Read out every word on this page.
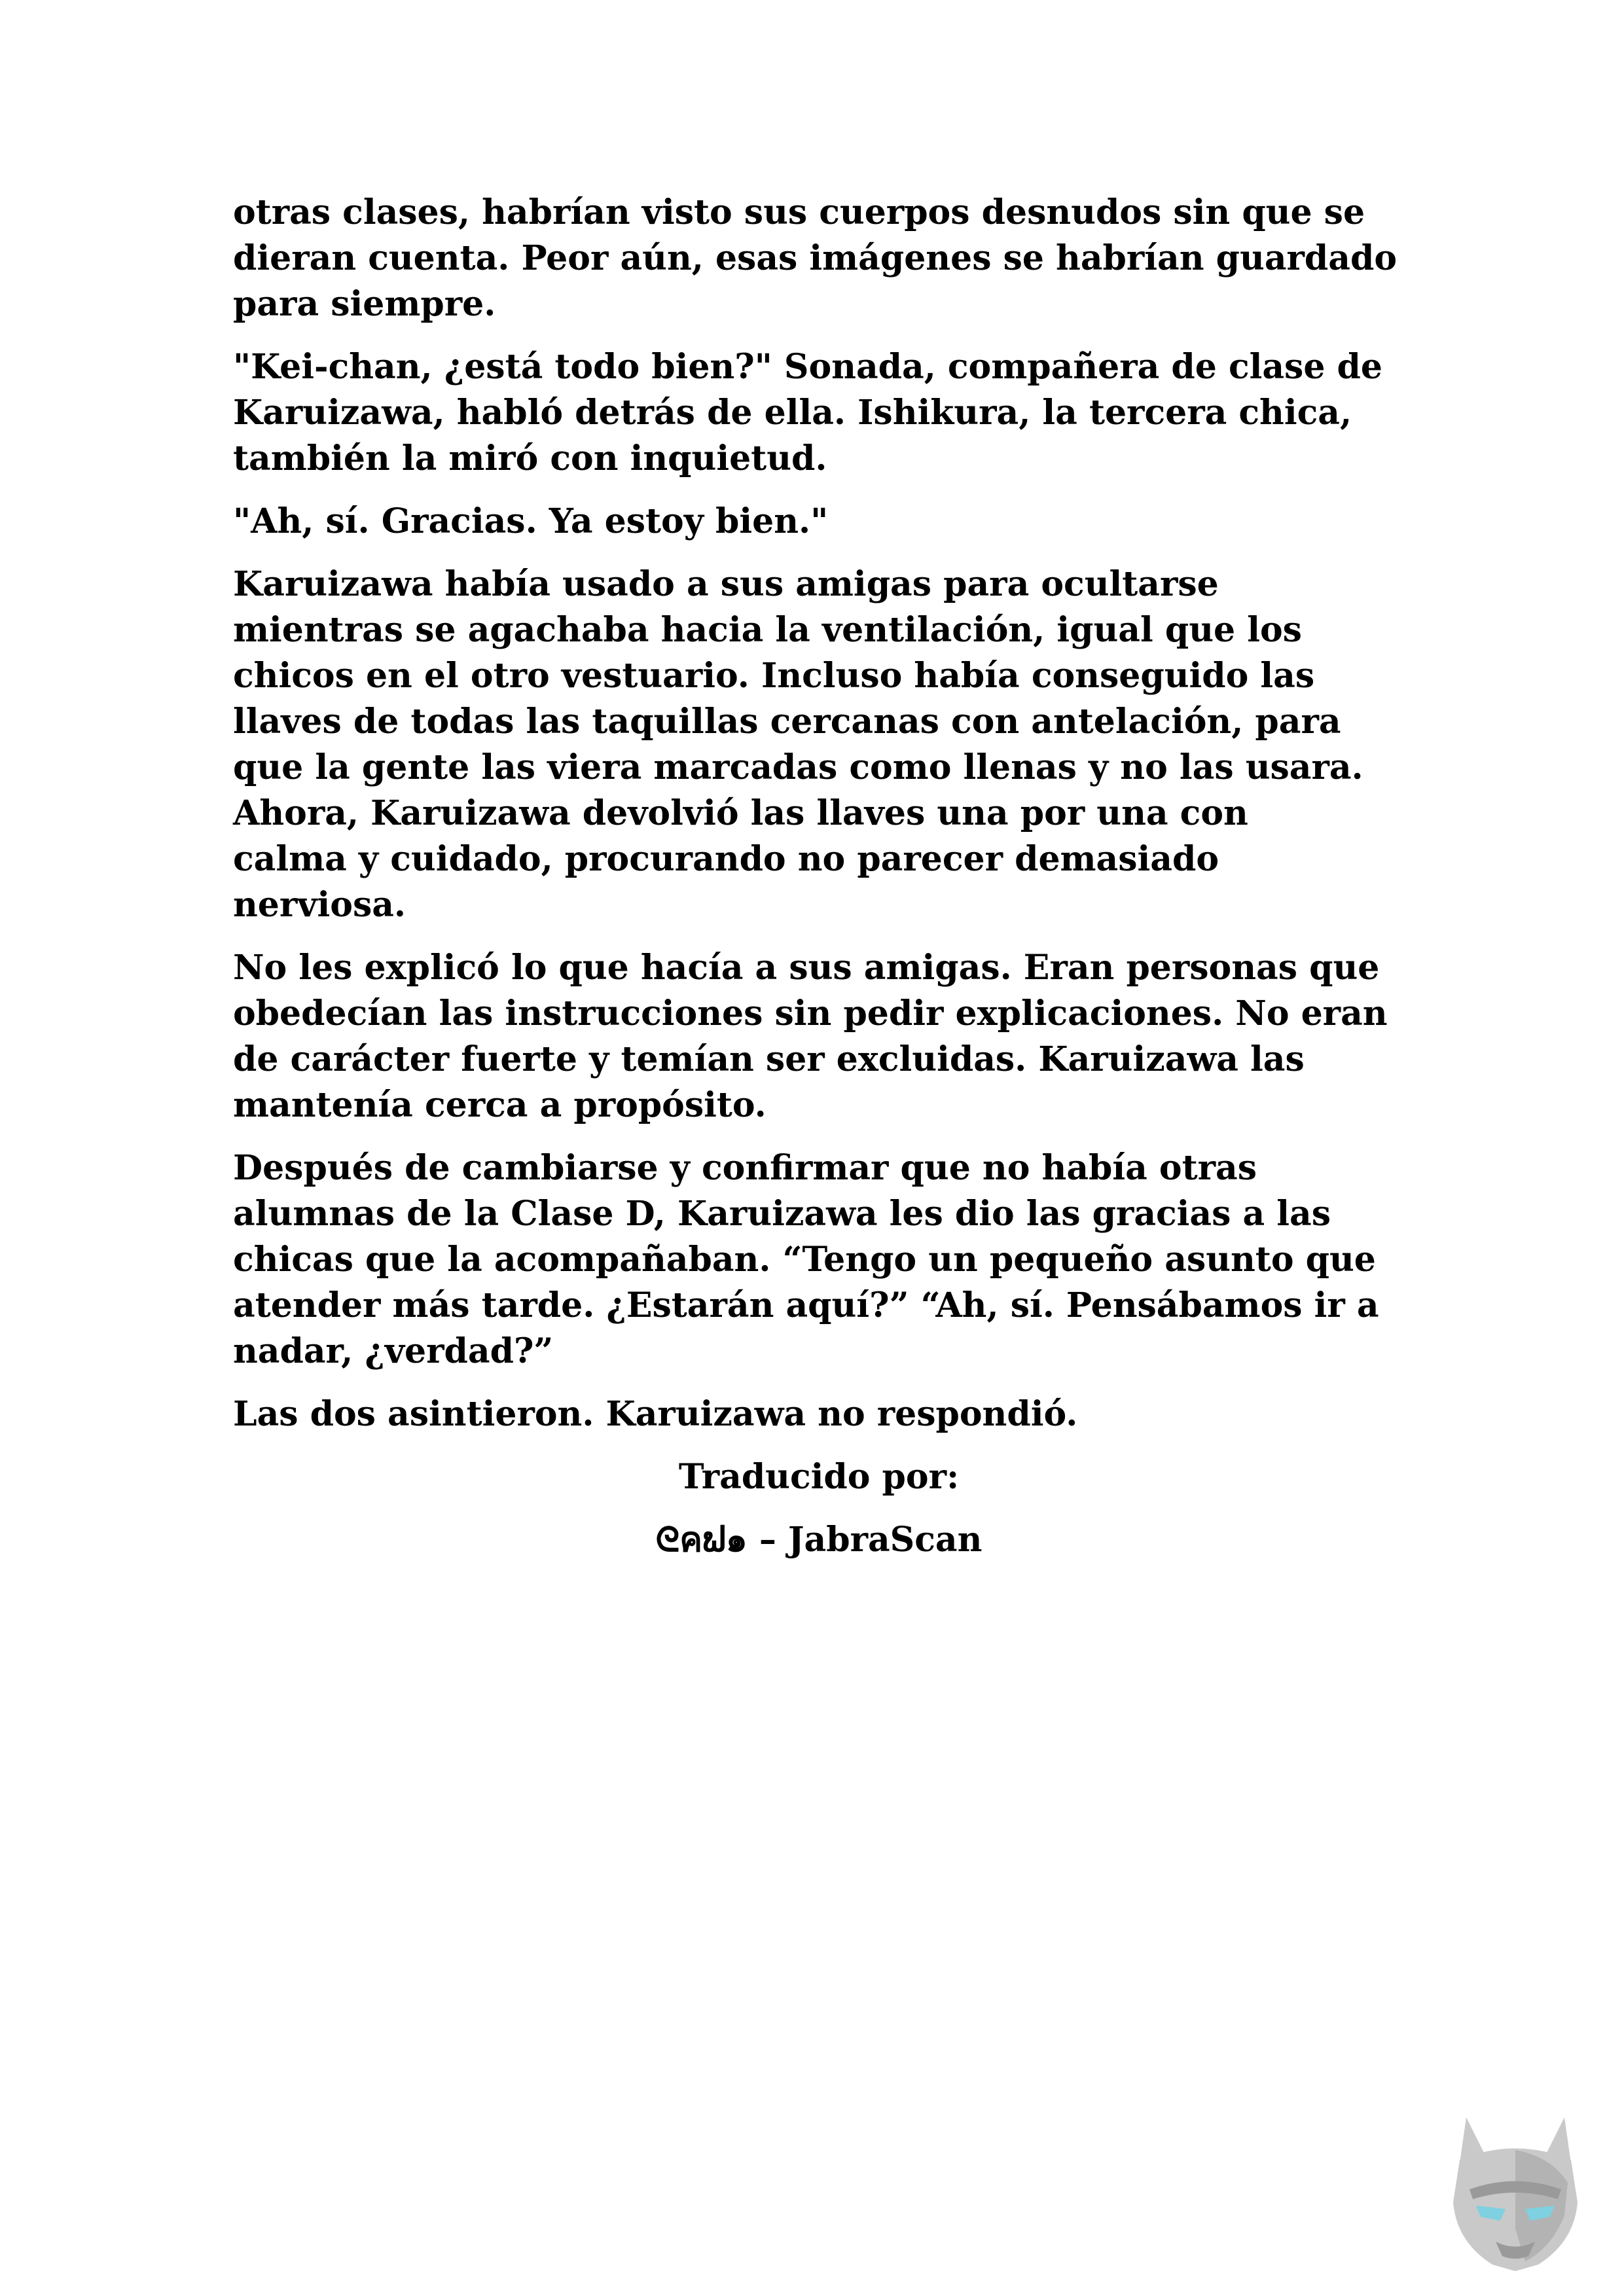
otras clases, habrían visto sus cuerpos desnudos sin que se
dieran cuenta. Peor aún, esas imágenes se habrían guardado
para siempre.

"Kei-chan, ¿está todo bien?" Sonada, compañera de clase de
Karuizawa, habló detrás de ella. Ishikura, la tercera chica,
también la miró con inquietud.

"Ah, sí. Gracias. Ya estoy bien."

Karuizawa había usado a sus amigas para ocultarse
mientras se agachaba hacia la ventilación, igual que los
chicos en el otro vestuario. Incluso había conseguido las
llaves de todas las taquillas cercanas con antelación, para
que la gente las viera marcadas como llenas y no las usara.
Ahora, Karuizawa devolvió las llaves una por una con
calma y cuidado, procurando no parecer demasiado
nerviosa.

No les explicó lo que hacía a sus amigas. Eran personas que
obedecían las instrucciones sin pedir explicaciones. No eran
de carácter fuerte y temían ser excluidas. Karuizawa las
mantenía cerca a propósito.

Después de cambiarse y confirmar que no había otras
alumnas de la Clase D, Karuizawa les dio las gracias a las
chicas que la acompañaban. “Tengo un pequeño asunto que
atender más tarde. ¿Estarán aquí?” “Ah, sí. Pensábamos ir a
nadar, ¿verdad?”

Las dos asintieron. Karuizawa no respondió.

Traducido por:

ᘓคຟ๑ – JabraScan
